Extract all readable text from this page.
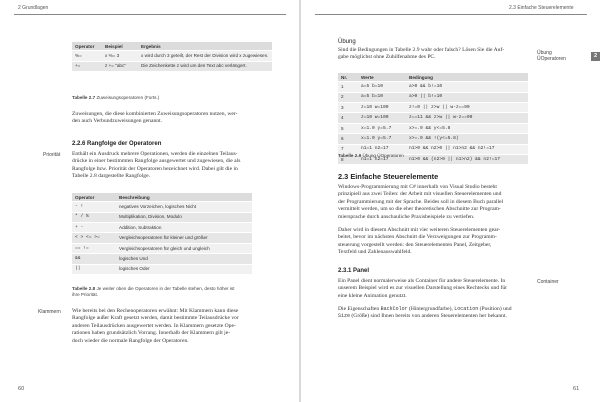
2 Grundlagen
Operator	Beispiel	Ergebnis
%=	x %= 3	x wird durch 3 geteilt, der Rest der Division wird x zugewiesen.
+=	z += "abc"	Die Zeichenkette z wird um den Text abc verlängert.
Tabelle 2.7 Zuweisungsoperatoren (Forts.)
Zuweisungen, die diese kombinierten Zuweisungsoperatoren nutzen, wer-
den auch Verbundzuweisungen genannt.
2.2.6 Rangfolge der Operatoren
Priorität Enthält ein Ausdruck mehrere Operationen, werden die einzelnen Teilaus-
drücke in einer bestimmten Rangfolge ausgewertet und zugewiesen, die als
Rangfolge bzw. Priorität der Operatoren bezeichnet wird. Dabei gilt die in
Tabelle 2.8 dargestellte Rangfolge.
Operator	Beschreibung
- !	negatives Vorzeichen, logisches Nicht
* / %	Multiplikation, Division, Modulo
+ -	Addition, Subtraktion
< > <= >=	Vergleichsoperatoren für kleiner und größer
== !=	Vergleichsoperatoren für gleich und ungleich
&&	logisches Und
||	logisches Oder
Tabelle 2.8 Je weiter oben die Operatoren in der Tabelle stehen, desto höher ist
ihre Priorität.
Klammern Wie bereits bei den Rechenoperatoren erwähnt: Mit Klammern kann diese
Rangfolge außer Kraft gesetzt werden, damit bestimmte Teilausdrücke vor
anderen Teilausdrücken ausgewertet werden. In Klammern gesetzte Ope-
rationen haben grundsätzlich Vorrang. Innerhalb der Klammern gilt je-
doch wieder die normale Rangfolge der Operatoren.
60
2.3 Einfache Steuerelemente
2
Übung
Sind die Bedingungen in Tabelle 2.9 wahr oder falsch? Lösen Sie die Auf-
gabe möglichst ohne Zuhilfenahme des PC.
Übung
ÜOperatoren
Nr.	Werte	Bedingung
1	a=5 b=10	a>0 && b!=10
2	a=5 b=10	a>0 || b!=10
3	z=10 w=100	z!=0 || z>w || w-z==90
4	z=10 w=100	z==11 && z>w || w-z==90
5	x=1.0 y=5.7	x>=.9 && y<=5.8
6	x=1.0 y=5.7	x>=.9 && !(y<=5.8)
7	n1=1 n2=17	n1>0 && n2>0 || n1>n2 && n2!=17
8	n1=1 n2=17	n1>0 && (n2>0 || n1>n2) && n2!=17
Tabelle 2.9 Übung ÜOperatoren
2.3 Einfache Steuerelemente
Windows-Programmierung mit C# innerhalb von Visual Studio besteht
prinzipiell aus zwei Teilen: der Arbeit mit visuellen Steuerelementen und
der Programmierung mit der Sprache. Beides soll in diesem Buch parallel
vermittelt werden, um so die eher theoretischen Abschnitte zur Program-
miersprache durch anschauliche Praxisbeispiele zu vertiefen.
Daher wird in diesem Abschnitt mit vier weiteren Steuerelementen gear-
beitet, bevor im nächsten Abschnitt die Verzweigungen zur Programm-
steuerung vorgestellt werden: den Steuerelementen Panel, Zeitgeber,
Textfeld und Zahlenauswahlfeld.
2.3.1 Panel
Container
Ein Panel dient normalerweise als Container für andere Steuerelemente. In
unserem Beispiel wird es zur visuellen Darstellung eines Rechtecks und für
eine kleine Animation genutzt.
Die Eigenschaften BackColor (Hintergrundfarbe), Location (Position) und
Size (Größe) sind Ihnen bereits von anderen Steuerelementen her bekannt.
61
